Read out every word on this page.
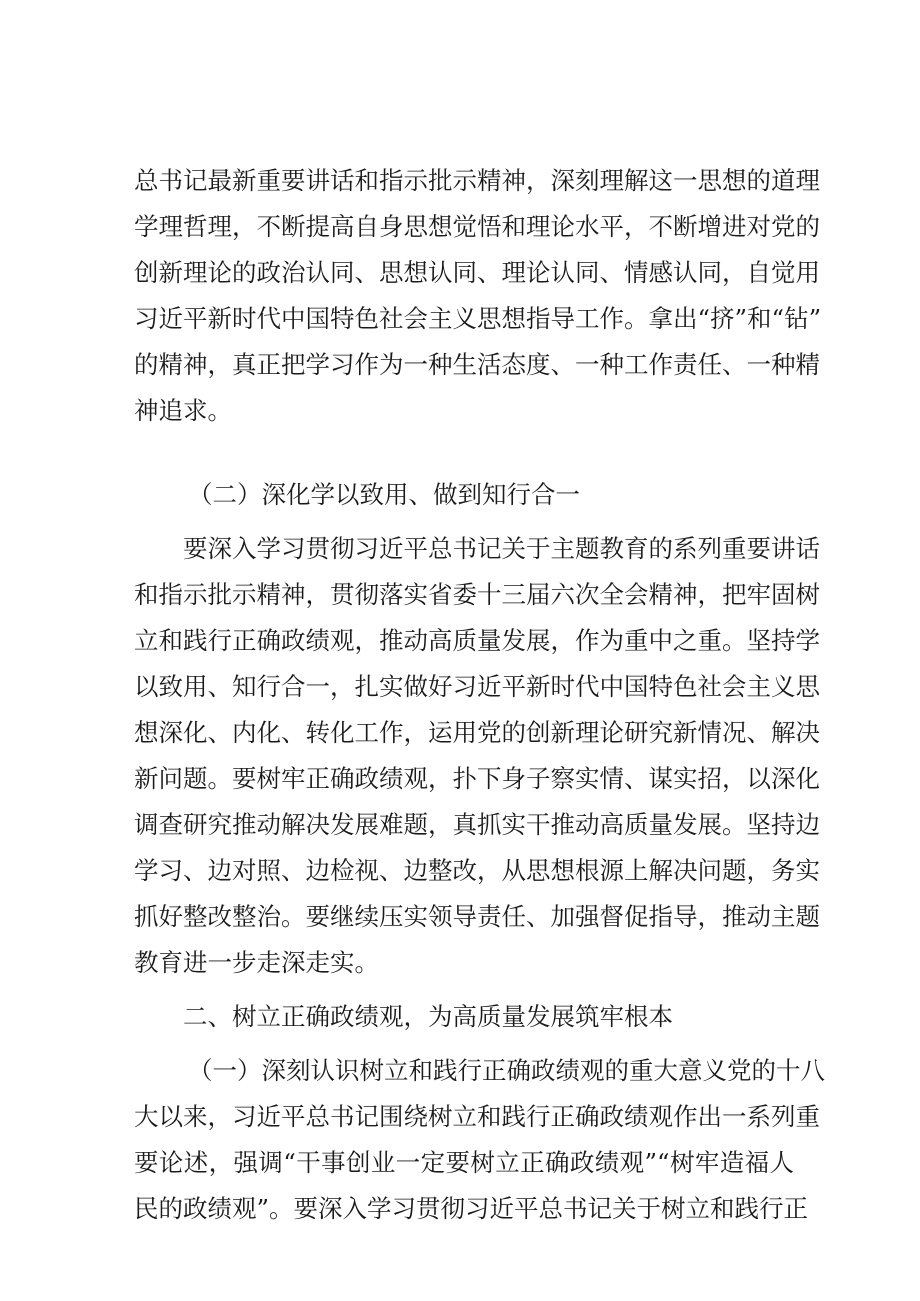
总书记最新重要讲话和指示批示精神，深刻理解这一思想的道理
学理哲理，不断提高自身思想觉悟和理论水平，不断增进对党的
创新理论的政治认同、思想认同、理论认同、情感认同，自觉用
习近平新时代中国特色社会主义思想指导工作。拿出“挤”和“钻”
的精神，真正把学习作为一种生活态度、一种工作责任、一种精
神追求。
（二）深化学以致用、做到知行合一
要深入学习贯彻习近平总书记关于主题教育的系列重要讲话
和指示批示精神，贯彻落实省委十三届六次全会精神，把牢固树
立和践行正确政绩观，推动高质量发展，作为重中之重。坚持学
以致用、知行合一，扎实做好习近平新时代中国特色社会主义思
想深化、内化、转化工作，运用党的创新理论研究新情况、解决
新问题。要树牢正确政绩观，扑下身子察实情、谋实招，以深化
调查研究推动解决发展难题，真抓实干推动高质量发展。坚持边
学习、边对照、边检视、边整改，从思想根源上解决问题，务实
抓好整改整治。要继续压实领导责任、加强督促指导，推动主题
教育进一步走深走实。
二、树立正确政绩观，为高质量发展筑牢根本
（一）深刻认识树立和践行正确政绩观的重大意义党的十八
大以来，习近平总书记围绕树立和践行正确政绩观作出一系列重
要论述，强调“干事创业一定要树立正确政绩观”“树牢造福人
民的政绩观”。要深入学习贯彻习近平总书记关于树立和践行正
